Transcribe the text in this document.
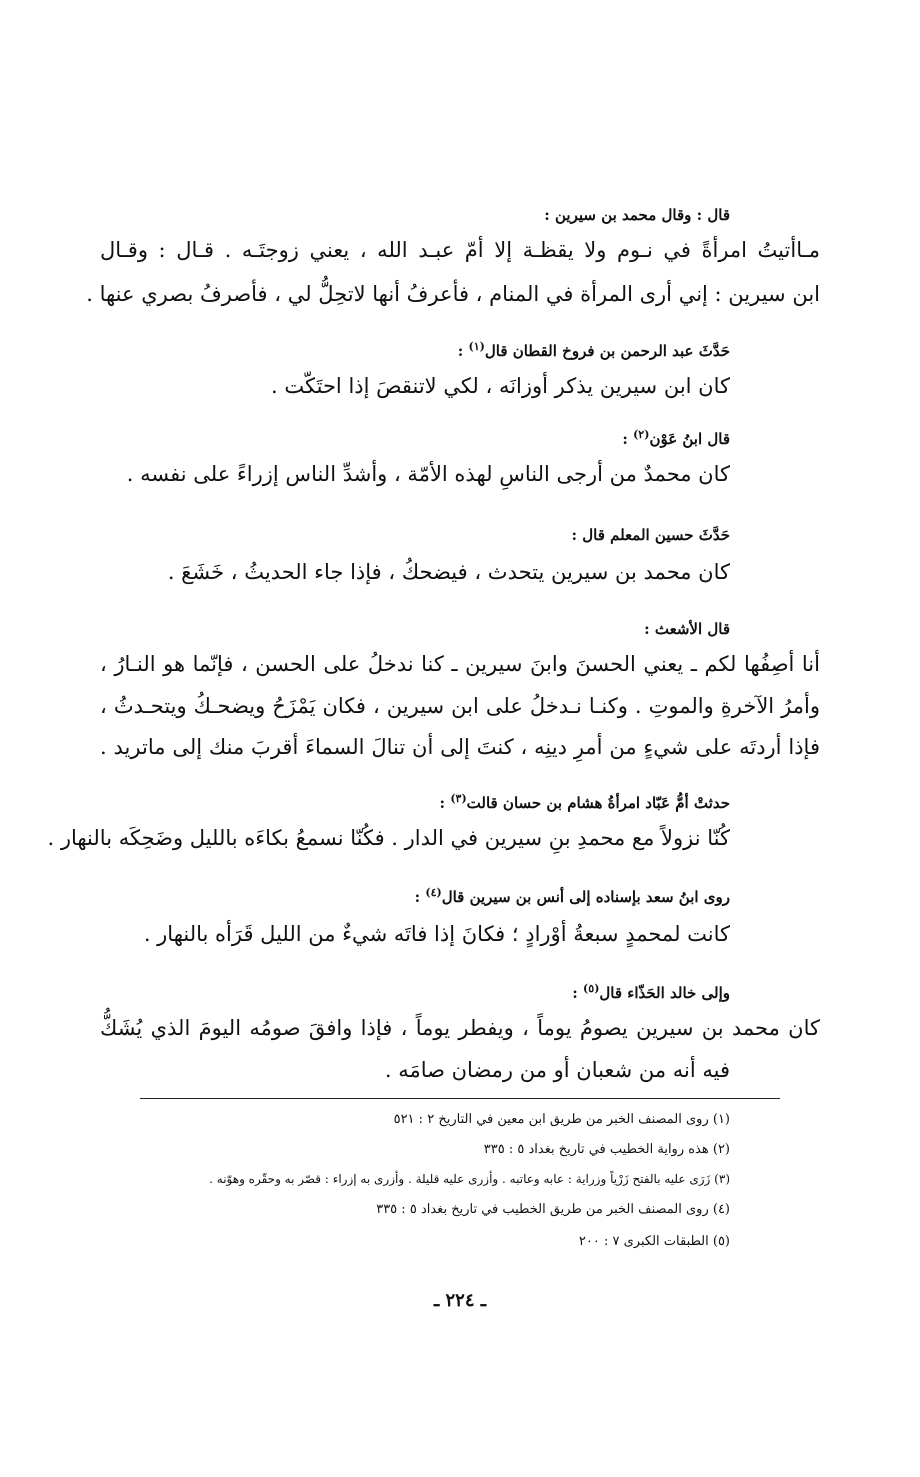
قال : وقال محمد بن سيرين :
مـاأتيتُ امرأةً في نـوم ولا يقظـة إلا أمّ عبـد الله ، يعني زوجتَـه . قـال : وقـال
ابن سيرين : إني أرى المرأة في المنام ، فأعرفُ أنها لاتحِلُّ لي ، فأصرفُ بصري عنها .
حَدَّثَ عبد الرحمن بن فروخ القطان قال$^{(١)}$ :
كان ابن سيرين يذكر أوزانَه ، لكي لاتنقصَ إذا احتَكّت .
قال ابنُ عَوْن$^{(٢)}$ :
كان محمدٌ من أرجى الناسِ لهذه الأمّة ، وأشدِّ الناس إزراءً على نفسه .
حَدَّثَ حسين المعلم قال :
كان محمد بن سيرين يتحدث ، فيضحكُ ، فإذا جاء الحديثُ ، خَشَعَ .
قال الأشعث :
أنا أصِفُها لكم ـ يعني الحسنَ وابنَ سيرين ـ كنا ندخلُ على الحسن ، فإنّما هو النـارُ ،
وأمرُ الآخرةِ والموتِ . وكنـا نـدخلُ على ابن سيرين ، فكان يَمْزَحُ ويضحـكُ ويتحـدثُ ،
فإذا أردتَه على شيءٍ من أمرِ دينِه ، كنتَ إلى أن تنالَ السماءَ أقربَ منك إلى ماتريد .
حدثتْ أمُّ عَبّاد امرأةُ هشام بن حسان قالت$^{(٣)}$ :
كُنّا نزولاً مع محمدِ بنِ سيرين في الدار . فكُنّا نسمعُ بكاءَه بالليل وضَحِكَه بالنهار .
روى ابنُ سعد بإسناده إلى أنس بن سيرين قال$^{(٤)}$ :
كانت لمحمدٍ سبعةُ أوْرادٍ ؛ فكانَ إذا فاتَه شيءٌ من الليل قَرَأه بالنهار .
وإلى خالد الحَذّاء قال$^{(٥)}$ :
كان محمد بن سيرين يصومُ يوماً ، ويفطر يوماً ، فإذا وافقَ صومُه اليومَ الذي يُشَكُّ
فيه أنه من شعبان أو من رمضان صامَه .
(١) روى المصنف الخبر من طريق ابن معين في التاريخ ٢ : ٥٢١
(٢) هذه رواية الخطيب في تاريخ بغداد ٥ : ٣٣٥
(٣) زَرَى عليه بالفتح زَرْياً وزراية : عابه وعاتبه . وأزرى عليه قليلة . وأزرى به إزراء : قصّر به وحقّره وهوّنه .
(٤) روى المصنف الخبر من طريق الخطيب في تاريخ بغداد ٥ : ٣٣٥
(٥) الطبقات الكبرى ٧ : ٢٠٠
ـ ٢٢٤ ـ
